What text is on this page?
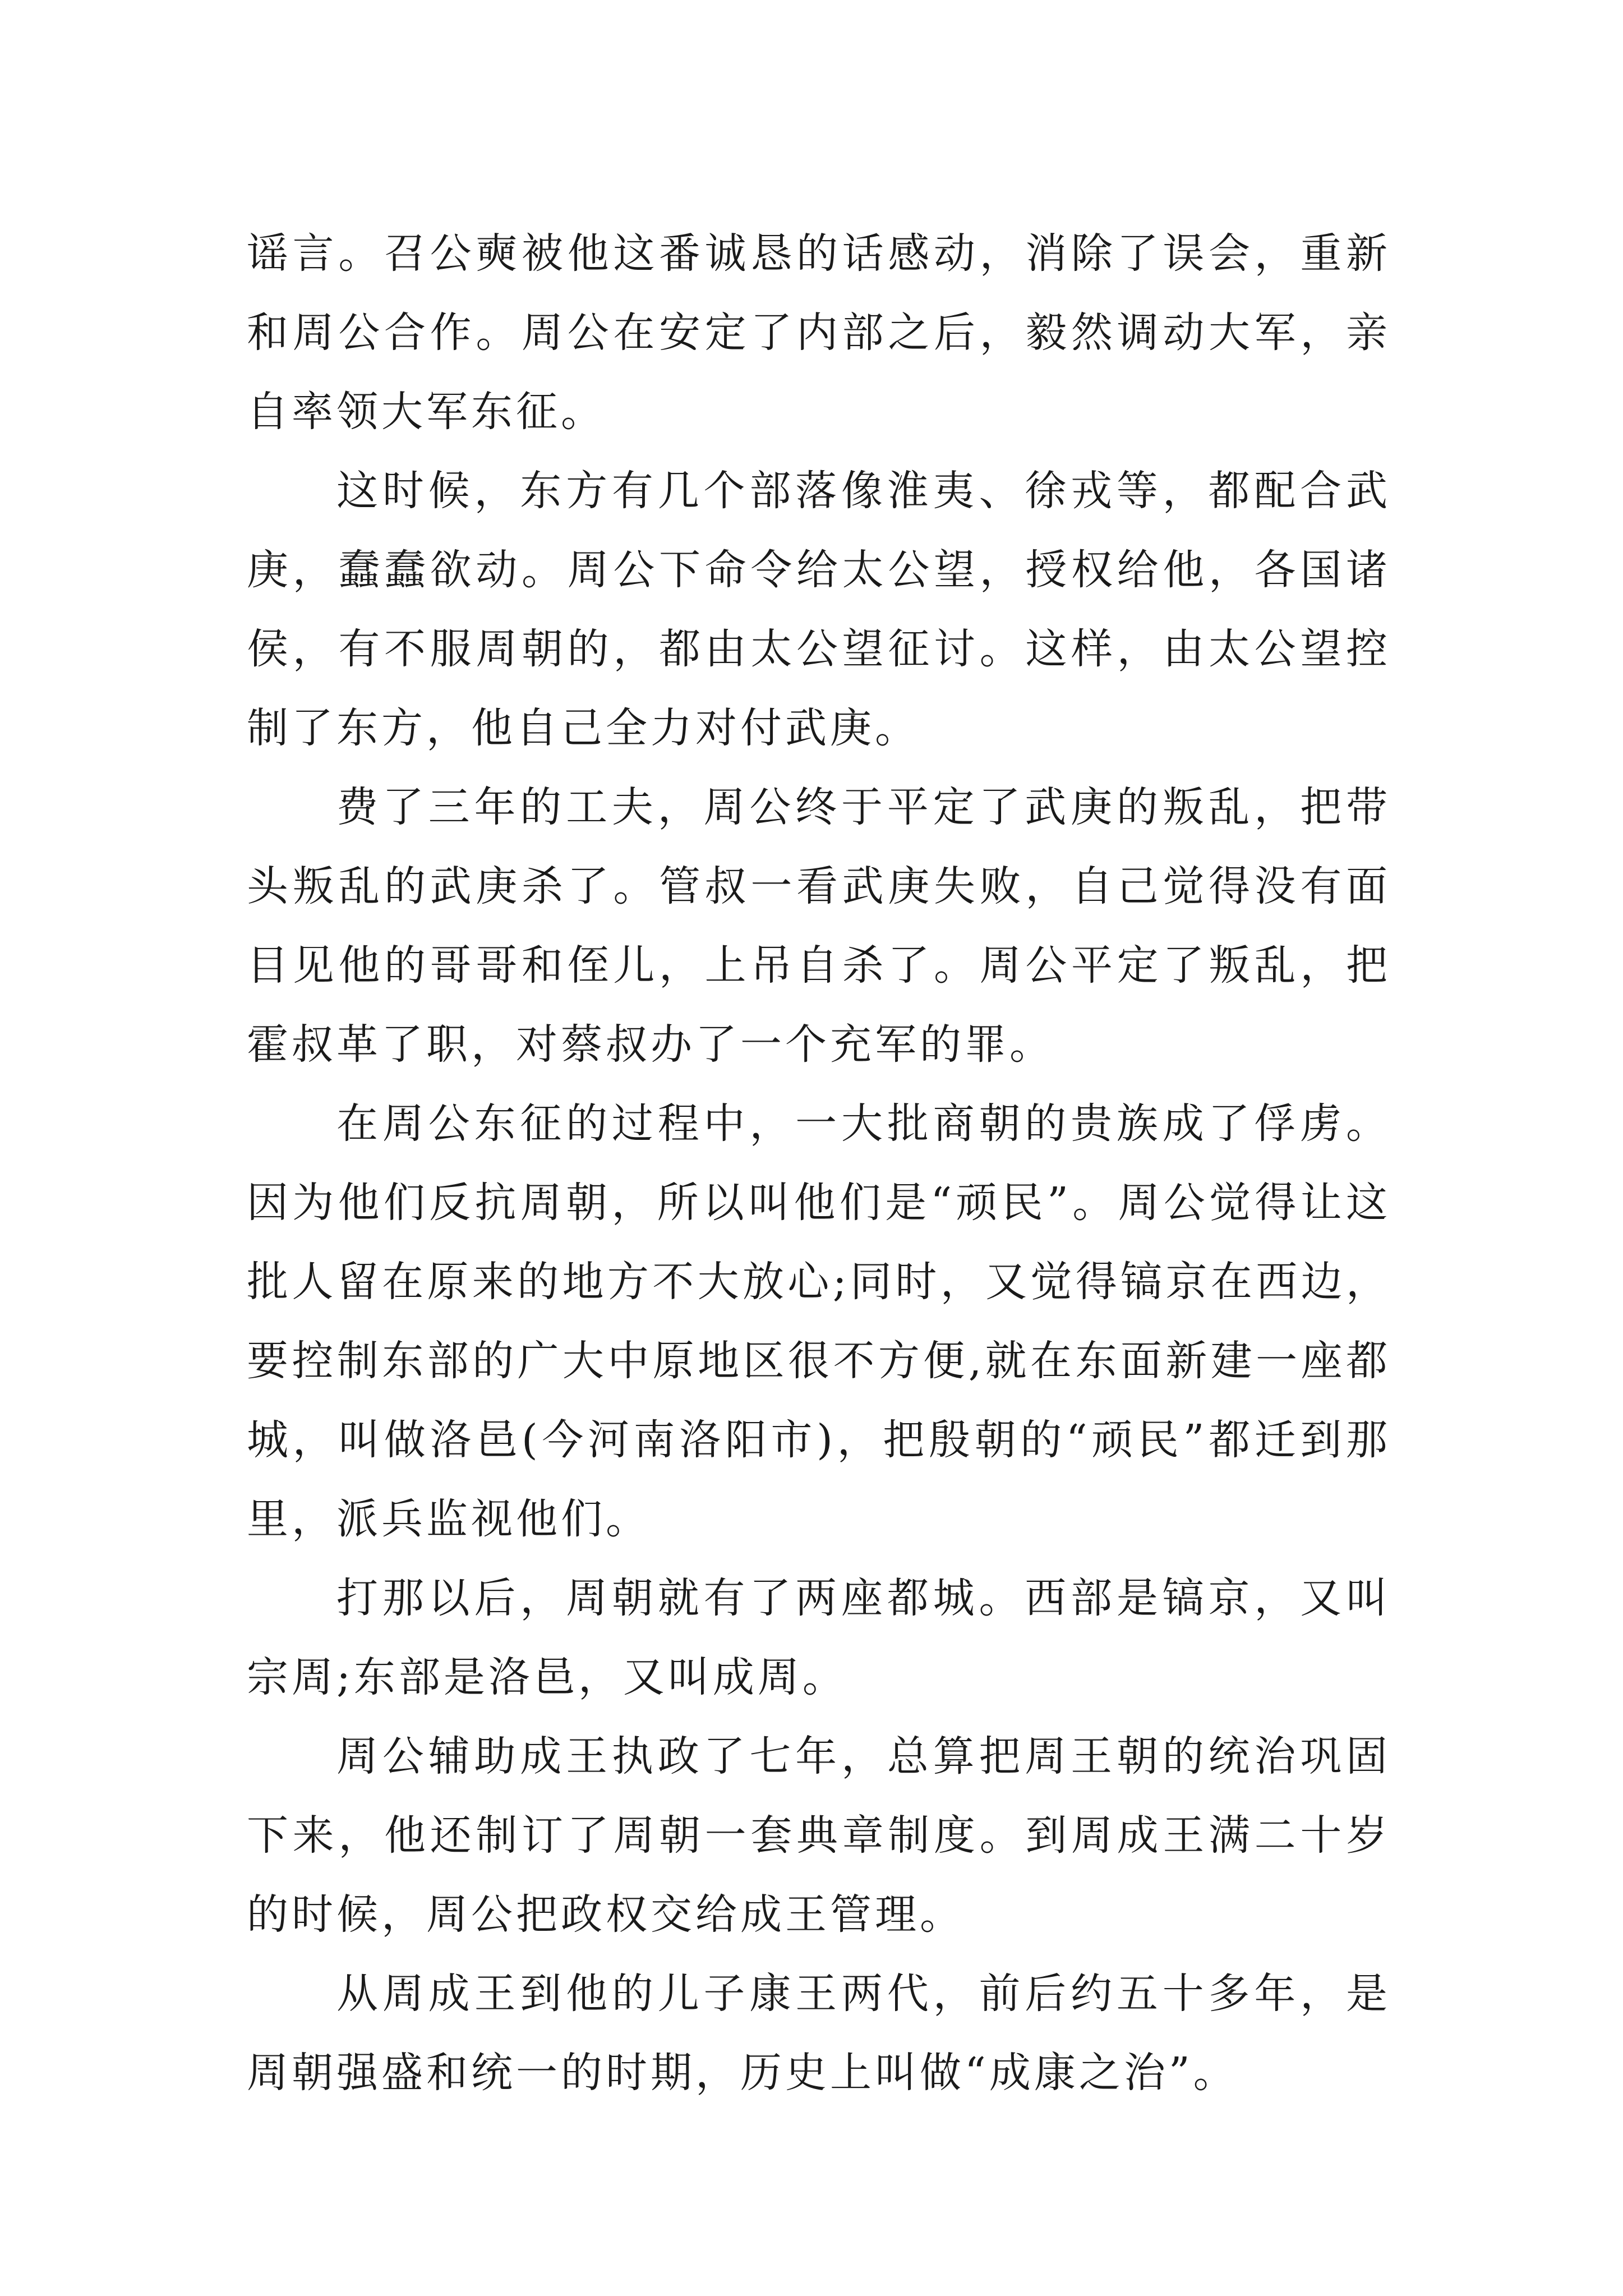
谣言。召公奭被他这番诚恳的话感动，消除了误会，重新和周公合作。周公在安定了内部之后，毅然调动大军，亲自率领大军东征。

这时候，东方有几个部落像淮夷、徐戎等，都配合武庚，蠢蠢欲动。周公下命令给太公望，授权给他，各国诸侯，有不服周朝的，都由太公望征讨。这样，由太公望控制了东方，他自己全力对付武庚。

费了三年的工夫，周公终于平定了武庚的叛乱，把带头叛乱的武庚杀了。管叔一看武庚失败，自己觉得没有面目见他的哥哥和侄儿，上吊自杀了。周公平定了叛乱，把霍叔革了职，对蔡叔办了一个充军的罪。

在周公东征的过程中，一大批商朝的贵族成了俘虏。因为他们反抗周朝，所以叫他们是“顽民”。周公觉得让这批人留在原来的地方不大放心;同时，又觉得镐京在西边，要控制东部的广大中原地区很不方便,就在东面新建一座都城，叫做洛邑(今河南洛阳市)，把殷朝的“顽民”都迁到那里，派兵监视他们。

打那以后，周朝就有了两座都城。西部是镐京，又叫宗周;东部是洛邑，又叫成周。

周公辅助成王执政了七年，总算把周王朝的统治巩固下来，他还制订了周朝一套典章制度。到周成王满二十岁的时候，周公把政权交给成王管理。

从周成王到他的儿子康王两代，前后约五十多年，是周朝强盛和统一的时期，历史上叫做“成康之治”。
